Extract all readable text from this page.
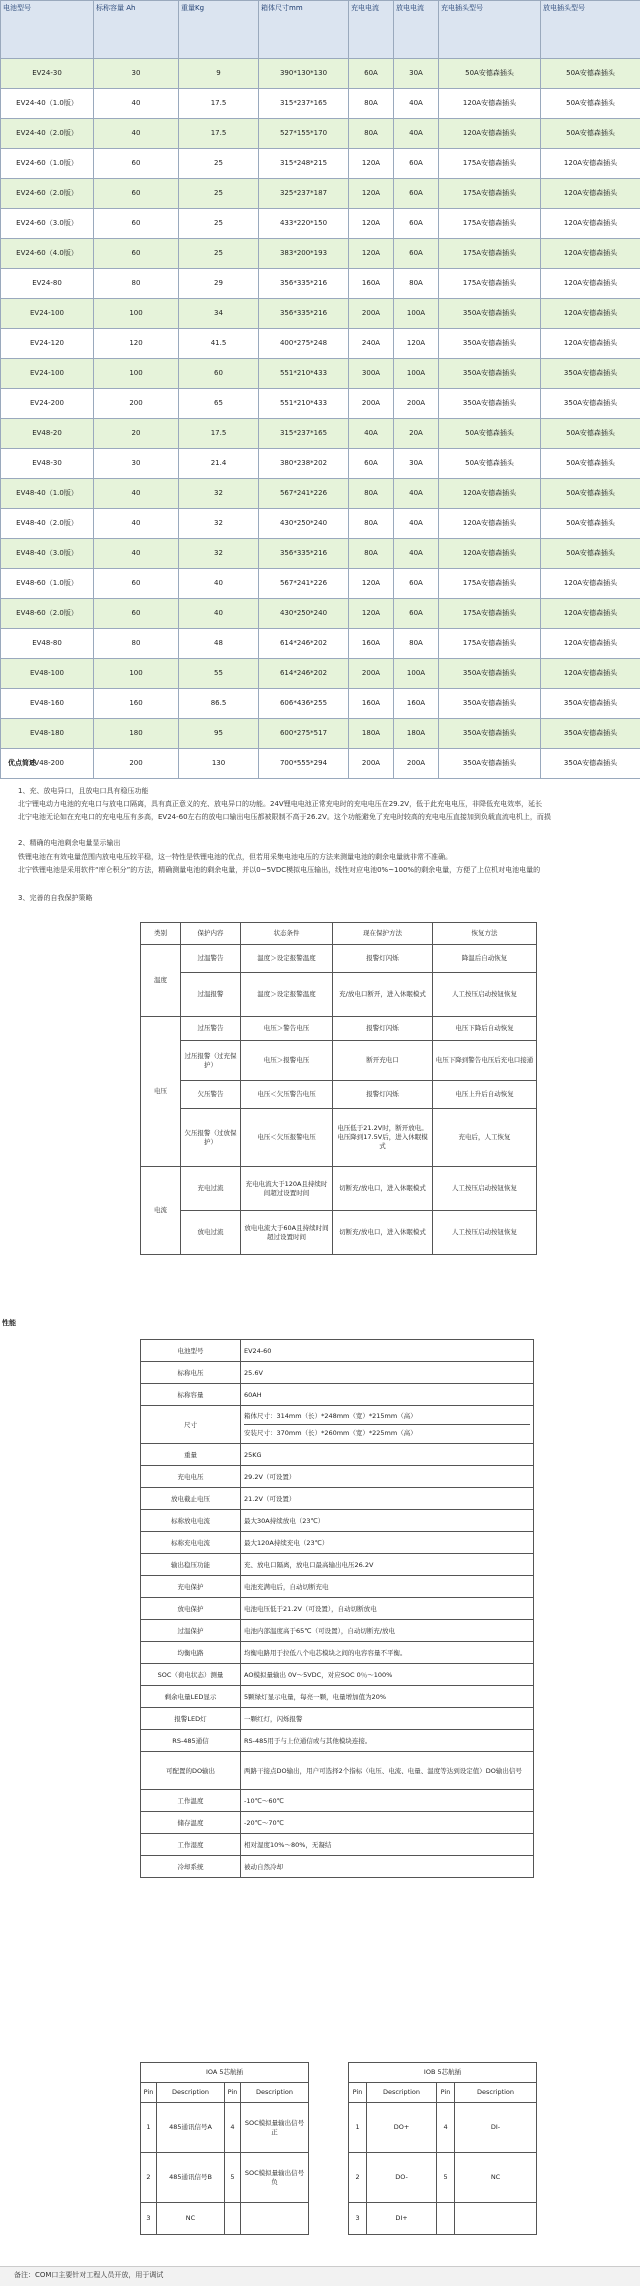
电池型号	标称容量 Ah	重量Kg	箱体尺寸mm	充电电流	放电电流	充电插头型号	放电插头型号
EV24-30	30	9	390*130*130	60A	30A	50A安德森插头	50A安德森插头
EV24-40（1.0版）	40	17.5	315*237*165	80A	40A	120A安德森插头	50A安德森插头
EV24-40（2.0版）	40	17.5	527*155*170	80A	40A	120A安德森插头	50A安德森插头
EV24-60（1.0版）	60	25	315*248*215	120A	60A	175A安德森插头	120A安德森插头
EV24-60（2.0版）	60	25	325*237*187	120A	60A	175A安德森插头	120A安德森插头
EV24-60（3.0版）	60	25	433*220*150	120A	60A	175A安德森插头	120A安德森插头
EV24-60（4.0版）	60	25	383*200*193	120A	60A	175A安德森插头	120A安德森插头
EV24-80	80	29	356*335*216	160A	80A	175A安德森插头	120A安德森插头
EV24-100	100	34	356*335*216	200A	100A	350A安德森插头	120A安德森插头
EV24-120	120	41.5	400*275*248	240A	120A	350A安德森插头	120A安德森插头
EV24-100	100	60	551*210*433	300A	100A	350A安德森插头	350A安德森插头
EV24-200	200	65	551*210*433	200A	200A	350A安德森插头	350A安德森插头
EV48-20	20	17.5	315*237*165	40A	20A	50A安德森插头	50A安德森插头
EV48-30	30	21.4	380*238*202	60A	30A	50A安德森插头	50A安德森插头
EV48-40（1.0版）	40	32	567*241*226	80A	40A	120A安德森插头	50A安德森插头
EV48-40（2.0版）	40	32	430*250*240	80A	40A	120A安德森插头	50A安德森插头
EV48-40（3.0版）	40	32	356*335*216	80A	40A	120A安德森插头	50A安德森插头
EV48-60（1.0版）	60	40	567*241*226	120A	60A	175A安德森插头	120A安德森插头
EV48-60（2.0版）	60	40	430*250*240	120A	60A	175A安德森插头	120A安德森插头
EV48-80	80	48	614*246*202	160A	80A	175A安德森插头	120A安德森插头
EV48-100	100	55	614*246*202	200A	100A	350A安德森插头	120A安德森插头
EV48-160	160	86.5	606*436*255	160A	160A	350A安德森插头	350A安德森插头
EV48-180	180	95	600*275*517	180A	180A	350A安德森插头	350A安德森插头
EV48-200	200	130	700*555*294	200A	200A	350A安德森插头	350A安德森插头
优点简述
1、充、放电异口，且放电口具有稳压功能
北宁锂电动力电池的充电口与放电口隔离，具有真正意义的充、放电异口的功能。24V锂电电池正常充电时的充电电压在29.2V，低于此充电电压，非降低充电效率，延长
北宁电池无论如在充电口的充电电压有多高，EV24-60左右的放电口输出电压都被限制不高于26.2V。这个功能避免了充电时较高的充电电压直接加到负载直流电机上，而损
2、精确的电池剩余电量显示输出
铁锂电池在有效电量范围内放电电压较平稳，这一特性是铁锂电池的优点，但若用采集电池电压的方法来测量电池的剩余电量就非常不准确。
北宁铁锂电池是采用软件“库仑积分”的方法，精确测量电池的剩余电量，并以0~5VDC模拟电压输出，线性对应电池0%~100%的剩余电量，方便了上位机对电池电量的
3、完善的自我保护策略
类别	保护内容	状态条件	现在保护方法	恢复方法
温度	过温警告	温度＞设定报警温度	报警灯闪烁	降温后自动恢复
	过温报警	温度＞设定报警温度	充/放电口断开，进入休眠模式	人工按压启动按钮恢复
电压	过压警告	电压＞警告电压	报警灯闪烁	电压下降后自动恢复
	过压报警（过充保护）	电压＞报警电压	断开充电口	电压下降到警告电压后充电口接通
	欠压警告	电压＜欠压警告电压	报警灯闪烁	电压上升后自动恢复
	欠压报警（过放保护）	电压＜欠压报警电压	电压低于21.2V时，断开放电。电压降到17.5V后，进入休眠模式	充电后，人工恢复
电流	充电过流	充电电流大于120A且持续时间超过设置时间	切断充/放电口，进入休眠模式	人工按压启动按钮恢复
	放电过流	放电电流大于60A且持续时间超过设置时间	切断充/放电口，进入休眠模式	人工按压启动按钮恢复
性能
电池型号	EV24-60
标称电压	25.6V
标称容量	60AH
尺寸	箱体尺寸：314mm（长）*248mm（宽）*215mm（高）
安装尺寸：370mm（长）*260mm（宽）*225mm（高）

重量	25KG
充电电压	29.2V（可设置）
放电截止电压	21.2V（可设置）
标称放电电流	最大30A持续放电（23℃）
标称充电电流	最大120A持续充电（23℃）
输出稳压功能	充、放电口隔离，放电口最高输出电压26.2V
充电保护	电池充满电后，自动切断充电
放电保护	电池电压低于21.2V（可设置），自动切断放电
过温保护	电池内部温度高于65℃（可设置），自动切断充/放电
均衡电路	均衡电路用于拉低八个电芯模块之间的电容容量不平衡。
SOC（荷电状态）测量	AO模拟量输出 0V～5VDC，对应SOC 0％～100%
剩余电量LED显示	5颗绿灯显示电量，每亮一颗，电量增加值为20%
报警LED灯	一颗红灯，闪烁报警
RS-485通信	RS-485用于与上位通信或与其他模块连接。
可配置的DO输出	两路干接点DO输出，用户可选择2个指标（电压、电流、电量、温度等达到设定值）DO输出信号
工作温度	-10℃～60℃
储存温度	-20℃～70℃
工作湿度	相对湿度10%～80%，无凝结
冷却系统	被动自然冷却
IOA 5芯航插					IOB 5芯航插			
Pin	Description	Pin	Description		Pin	Description	Pin	Description
1	485通讯信号A	4	SOC模拟量输出信号正		1	DO+	4	DI-
2	485通讯信号B	5	SOC模拟量输出信号负		2	DO-	5	NC
3	NC				3	DI+		
备注：COM口主要针对工程人员开放，用于调试
